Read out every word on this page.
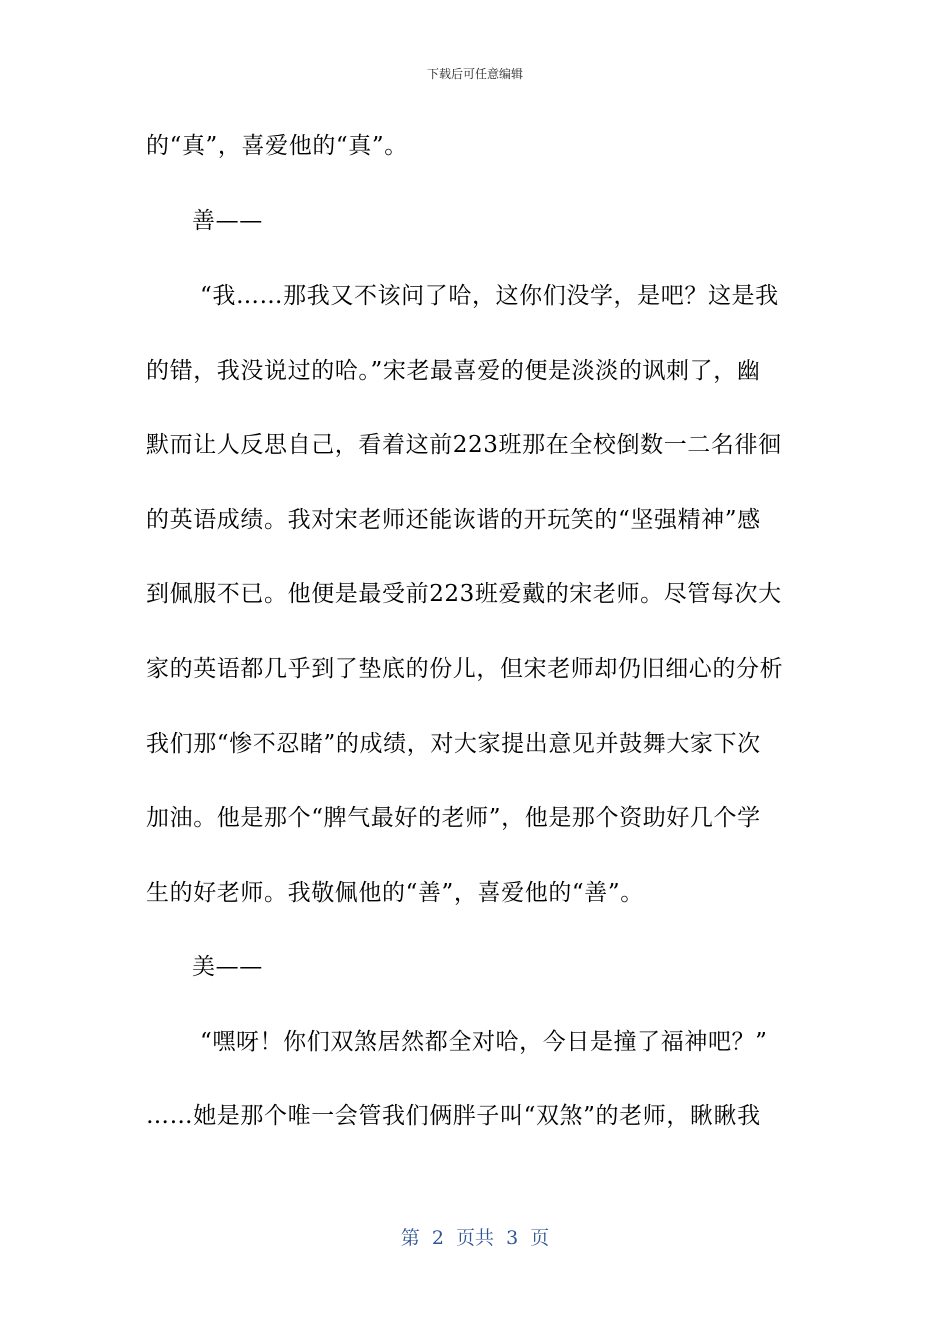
下载后可任意编辑
的“真”，喜爱他的“真”。
善——
“我……那我又不该问了哈，这你们没学，是吧？这是我
的错，我没说过的哈。”宋老最喜爱的便是淡淡的讽刺了，幽
默而让人反思自己，看着这前223班那在全校倒数一二名徘徊
的英语成绩。我对宋老师还能诙谐的开玩笑的“坚强精神”感
到佩服不已。他便是最受前223班爱戴的宋老师。尽管每次大
家的英语都几乎到了垫底的份儿，但宋老师却仍旧细心的分析
我们那“惨不忍睹”的成绩，对大家提出意见并鼓舞大家下次
加油。他是那个“脾气最好的老师”，他是那个资助好几个学
生的好老师。我敬佩他的“善”，喜爱他的“善”。
美——
“嘿呀！你们双煞居然都全对哈，今日是撞了福神吧？”
……她是那个唯一会管我们俩胖子叫“双煞”的老师，瞅瞅我
第  2  页共  3  页
